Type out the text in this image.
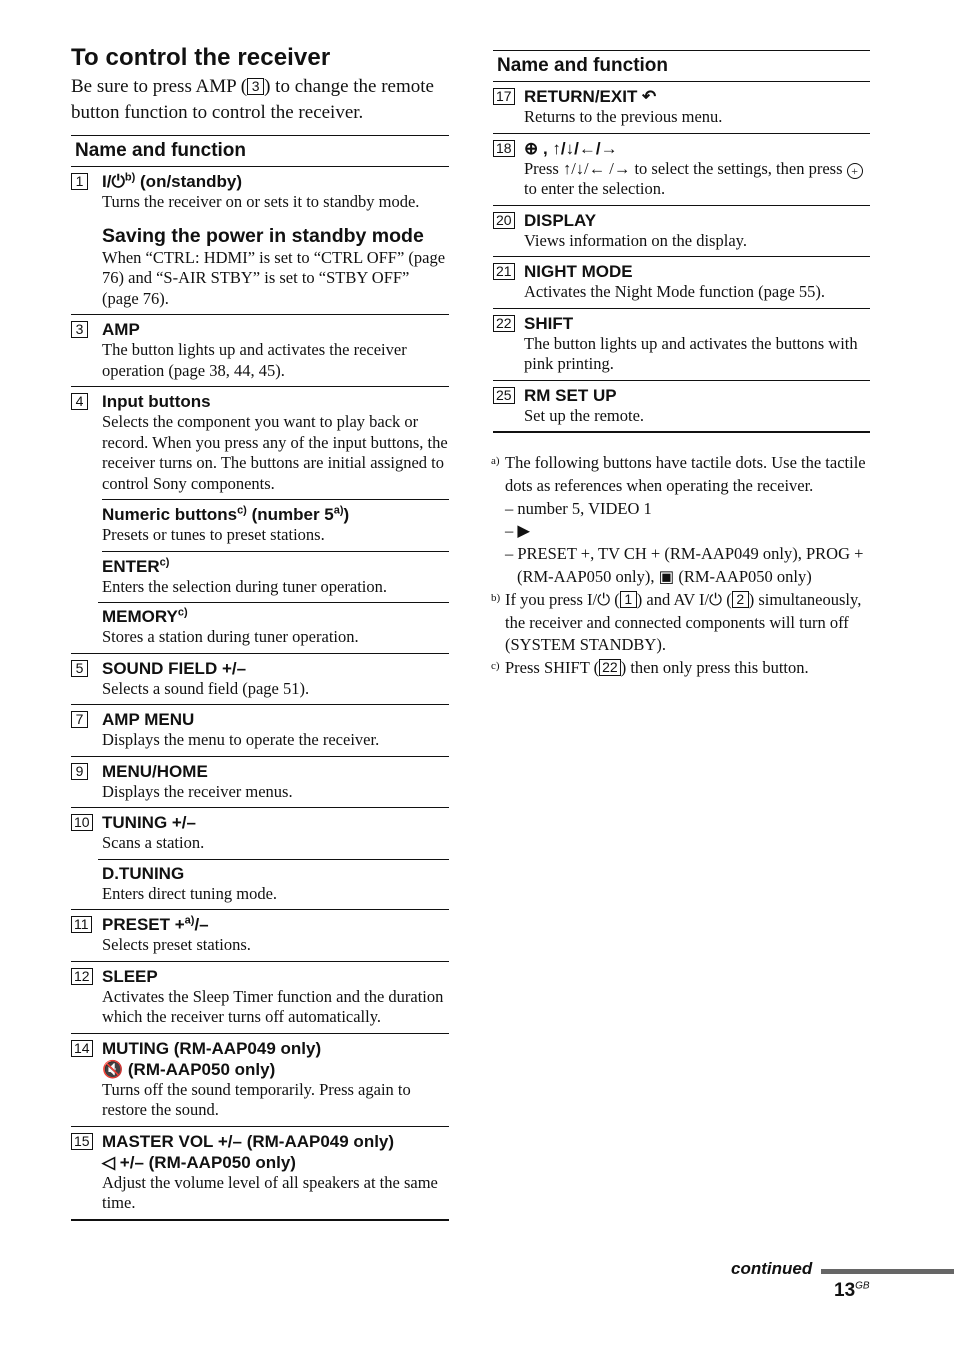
To control the receiver

Be sure to press AMP ( 3 ) to change the remote button function to control the receiver.

Name and function
1 I/⏻$^{b)}$ (on/standby)
Turns the receiver on or sets it to standby mode.
Saving the power in standby mode
When “CTRL: HDMI” is set to “CTRL OFF” (page 76) and “S-AIR STBY” is set to “STBY OFF” (page 76).
3 AMP
The button lights up and activates the receiver operation (page 38, 44, 45).
4 Input buttons
Selects the component you want to play back or record. When you press any of the input buttons, the receiver turns on. The buttons are initial assigned to control Sony components.
Numeric buttons$^{c)}$ (number 5$^{a)}$)
Presets or tunes to preset stations.
ENTER$^{c)}$
Enters the selection during tuner operation.
MEMORY$^{c)}$
Stores a station during tuner operation.
5 SOUND FIELD +/–
Selects a sound field (page 51).
7 AMP MENU
Displays the menu to operate the receiver.
9 MENU/HOME
Displays the receiver menus.
10 TUNING +/–
Scans a station.
D.TUNING
Enters direct tuning mode.
11 PRESET +$^{a)}$/–
Selects preset stations.
12 SLEEP
Activates the Sleep Timer function and the duration which the receiver turns off automatically.
14 MUTING (RM-AAP049 only)
🔇 (RM-AAP050 only)
Turns off the sound temporarily. Press again to restore the sound.
15 MASTER VOL +/– (RM-AAP049 only)
◁ +/– (RM-AAP050 only)
Adjust the volume level of all speakers at the same time.
Name and function
17 RETURN/EXIT ↶
Returns to the previous menu.
18 ⊕ , ↑/↓/←/→
Press ↑/↓/← /→ to select the settings, then press + to enter the selection.
20 DISPLAY
Views information on the display.
21 NIGHT MODE
Activates the Night Mode function (page 55).
22 SHIFT
The button lights up and activates the buttons with pink printing.
25 RM SET UP
Set up the remote.
a) The following buttons have tactile dots. Use the tactile dots as references when operating the receiver.
– number 5, VIDEO 1
– ▶
– PRESET +, TV CH + (RM-AAP049 only), PROG + (RM-AAP050 only), ▣ (RM-AAP050 only)
b) If you press I/⏻ ( 1 ) and AV I/⏻ ( 2 ) simultaneously, the receiver and connected components will turn off (SYSTEM STANDBY).
c) Press SHIFT ( 22 ) then only press this button.
continued
$13^{GB}$
